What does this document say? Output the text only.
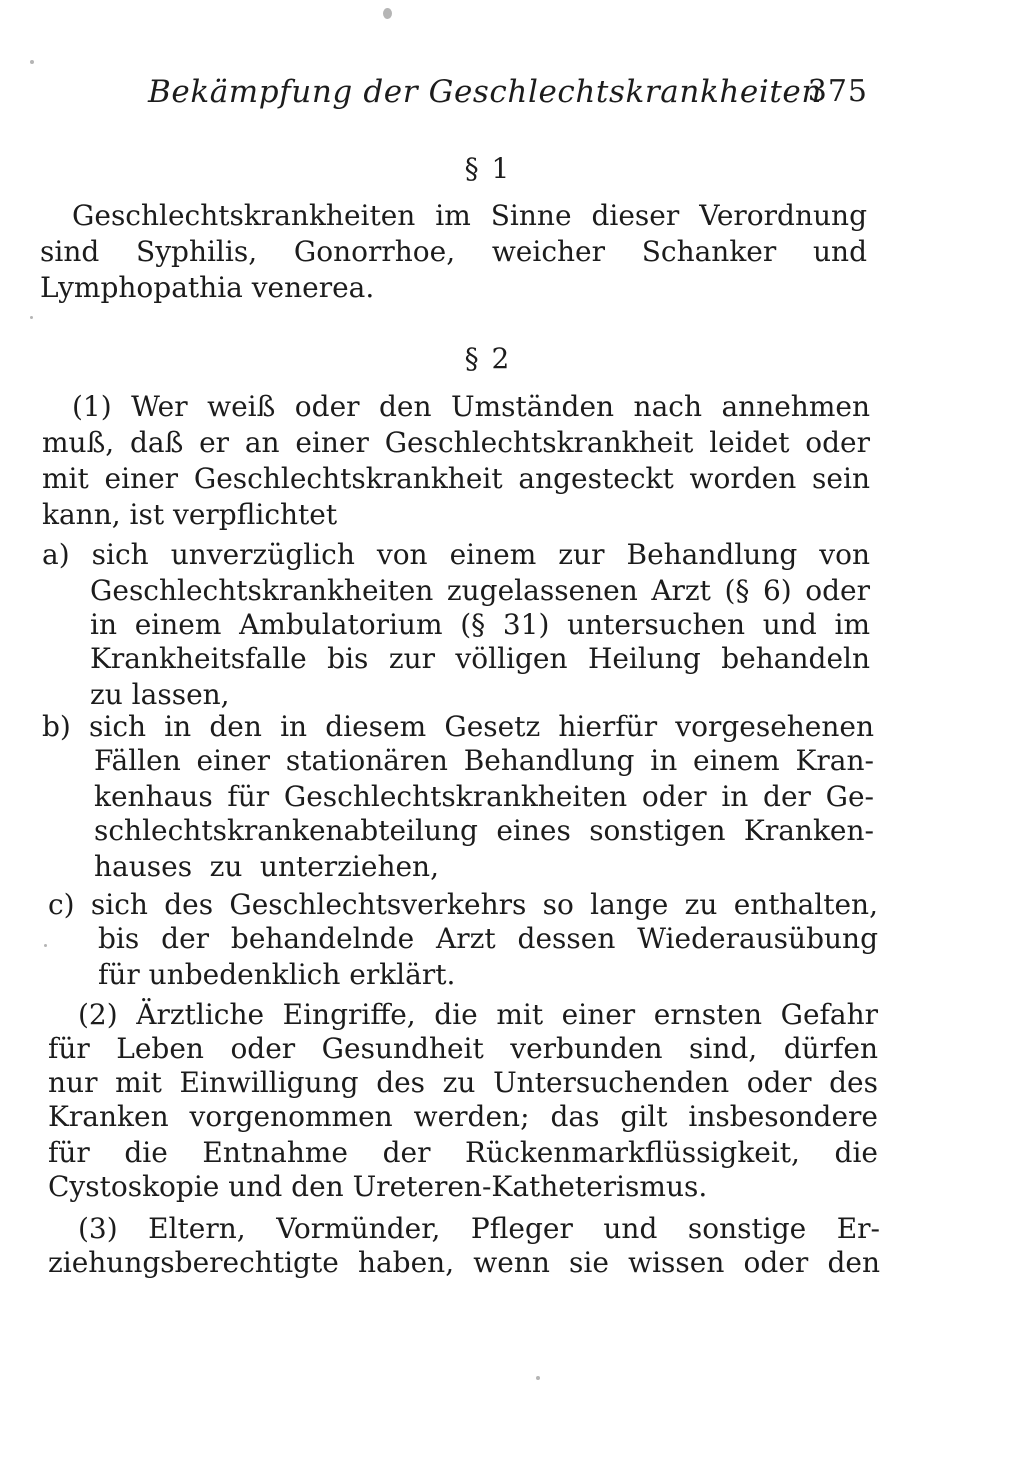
Bekämpfung der Geschlechtskrankheiten
375
§ 1
Geschlechtskrankheiten im Sinne dieser Verordnung
sind Syphilis, Gonorrhoe, weicher Schanker und
Lymphopathia venerea.
§ 2
(1) Wer weiß oder den Umständen nach annehmen
muß, daß er an einer Geschlechtskrankheit leidet oder
mit einer Geschlechtskrankheit angesteckt worden sein
kann, ist verpflichtet
a) sich unverzüglich von einem zur Behandlung von
Geschlechtskrankheiten zugelassenen Arzt (§ 6) oder
in einem Ambulatorium (§ 31) untersuchen und im
Krankheitsfalle bis zur völligen Heilung behandeln
zu lassen,
b) sich in den in diesem Gesetz hierfür vorgesehenen
Fällen einer stationären Behandlung in einem Kran-
kenhaus für Geschlechtskrankheiten oder in der Ge-
schlechtskrankenabteilung eines sonstigen Kranken-
hauses zu unterziehen,
c) sich des Geschlechtsverkehrs so lange zu enthalten,
bis der behandelnde Arzt dessen Wiederausübung
für unbedenklich erklärt.
(2) Ärztliche Eingriffe, die mit einer ernsten Gefahr
für Leben oder Gesundheit verbunden sind, dürfen
nur mit Einwilligung des zu Untersuchenden oder des
Kranken vorgenommen werden; das gilt insbesondere
für die Entnahme der Rückenmarkflüssigkeit, die
Cystoskopie und den Ureteren-Katheterismus.
(3) Eltern, Vormünder, Pfleger und sonstige Er-
ziehungsberechtigte haben, wenn sie wissen oder den
